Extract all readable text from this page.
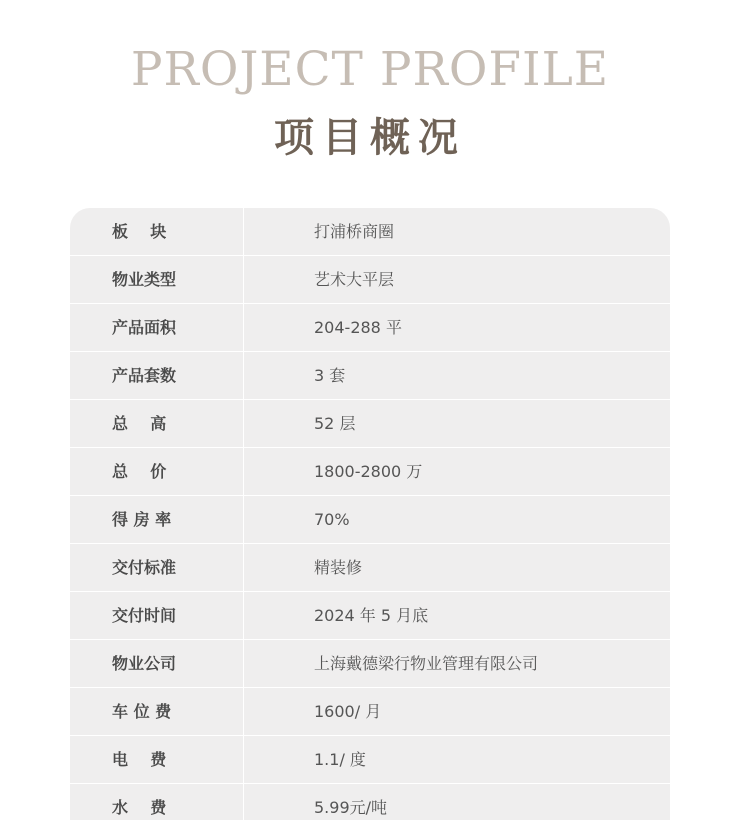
PROJECT PROFILE
项目概况
板    块	打浦桥商圈
物业类型	艺术大平层
产品面积	204-288 平
产品套数	3 套
总    高	52 层
总    价	1800-2800 万
得 房 率	70%
交付标准	精装修
交付时间	2024 年 5 月底
物业公司	上海戴德梁行物业管理有限公司
车 位 费	1600/ 月
电    费	1.1/ 度
水    费	5.99元/吨
